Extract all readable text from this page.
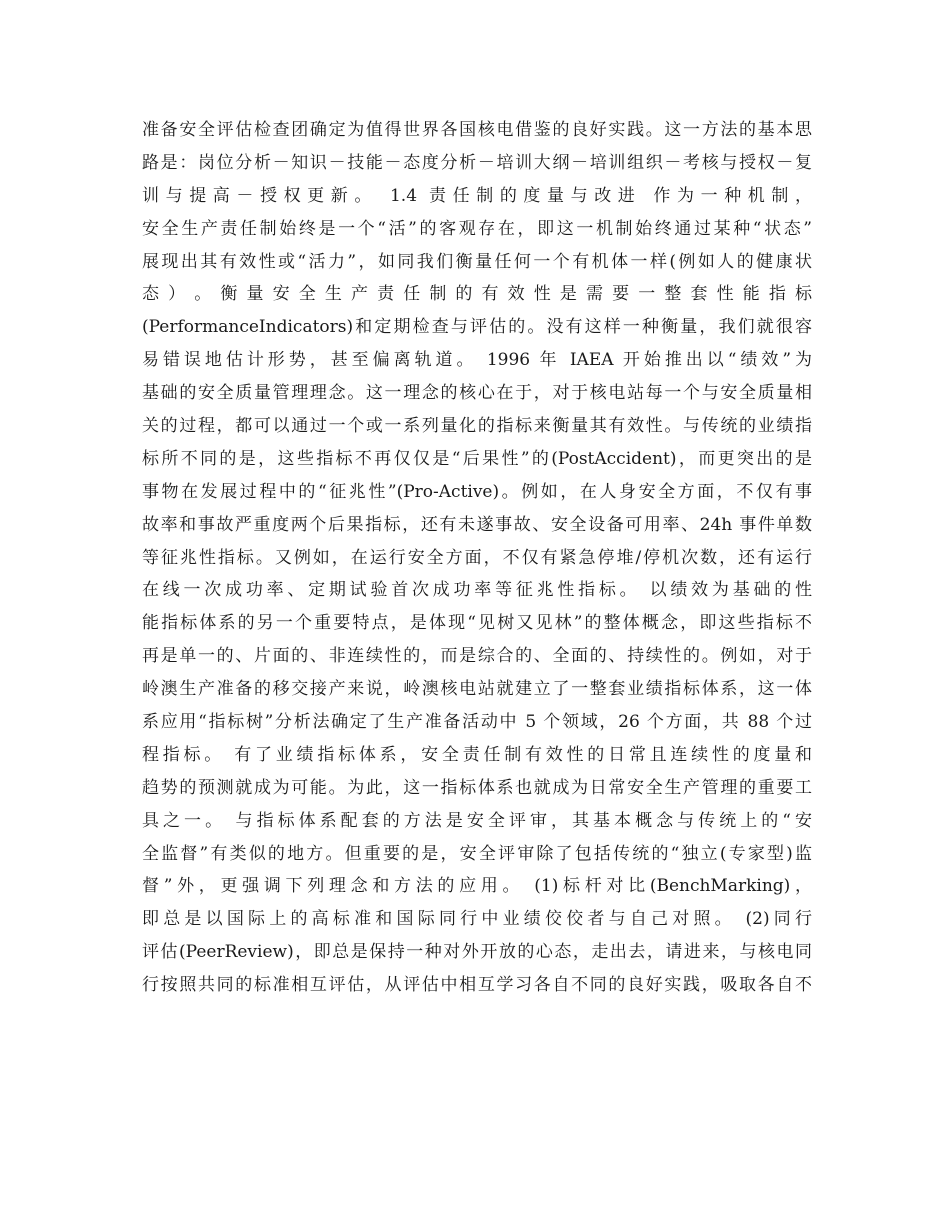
准备安全评估检查团确定为值得世界各国核电借鉴的良好实践。这一方法的基本思
路是：岗位分析－知识－技能－态度分析－培训大纲－培训组织－考核与授权－复
训与提高－授权更新。 1.4 责任制的度量与改进 作为一种机制，
安全生产责任制始终是一个“活”的客观存在，即这一机制始终通过某种“状态”
展现出其有效性或“活力”，如同我们衡量任何一个有机体一样(例如人的健康状
态 ） 。 衡 量 安 全 生 产 责 任 制 的 有 效 性 是 需 要 一 整 套 性 能 指 标
(PerformanceIndicators)和定期检查与评估的。没有这样一种衡量，我们就很容
易错误地估计形势，甚至偏离轨道。 1996 年 IAEA 开始推出以“绩效”为
基础的安全质量管理理念。这一理念的核心在于，对于核电站每一个与安全质量相
关的过程，都可以通过一个或一系列量化的指标来衡量其有效性。与传统的业绩指
标所不同的是，这些指标不再仅仅是“后果性”的(PostAccident)，而更突出的是
事物在发展过程中的“征兆性”(Pro-Active)。例如，在人身安全方面，不仅有事
故率和事故严重度两个后果指标，还有未遂事故、安全设备可用率、24h 事件单数
等征兆性指标。又例如，在运行安全方面，不仅有紧急停堆/停机次数，还有运行
在线一次成功率、定期试验首次成功率等征兆性指标。 以绩效为基础的性
能指标体系的另一个重要特点，是体现“见树又见林”的整体概念，即这些指标不
再是单一的、片面的、非连续性的，而是综合的、全面的、持续性的。例如，对于
岭澳生产准备的移交接产来说，岭澳核电站就建立了一整套业绩指标体系，这一体
系应用“指标树”分析法确定了生产准备活动中 5 个领域，26 个方面，共 88 个过
程指标。 有了业绩指标体系，安全责任制有效性的日常且连续性的度量和
趋势的预测就成为可能。为此，这一指标体系也就成为日常安全生产管理的重要工
具之一。 与指标体系配套的方法是安全评审，其基本概念与传统上的“安
全监督”有类似的地方。但重要的是，安全评审除了包括传统的“独立(专家型)监
督”外，更强调下列理念和方法的应用。 (1)标杆对比(BenchMarking)，
即总是以国际上的高标准和国际同行中业绩佼佼者与自己对照。 (2)同行
评估(PeerReview)，即总是保持一种对外开放的心态，走出去，请进来，与核电同
行按照共同的标准相互评估，从评估中相互学习各自不同的良好实践，吸取各自不
